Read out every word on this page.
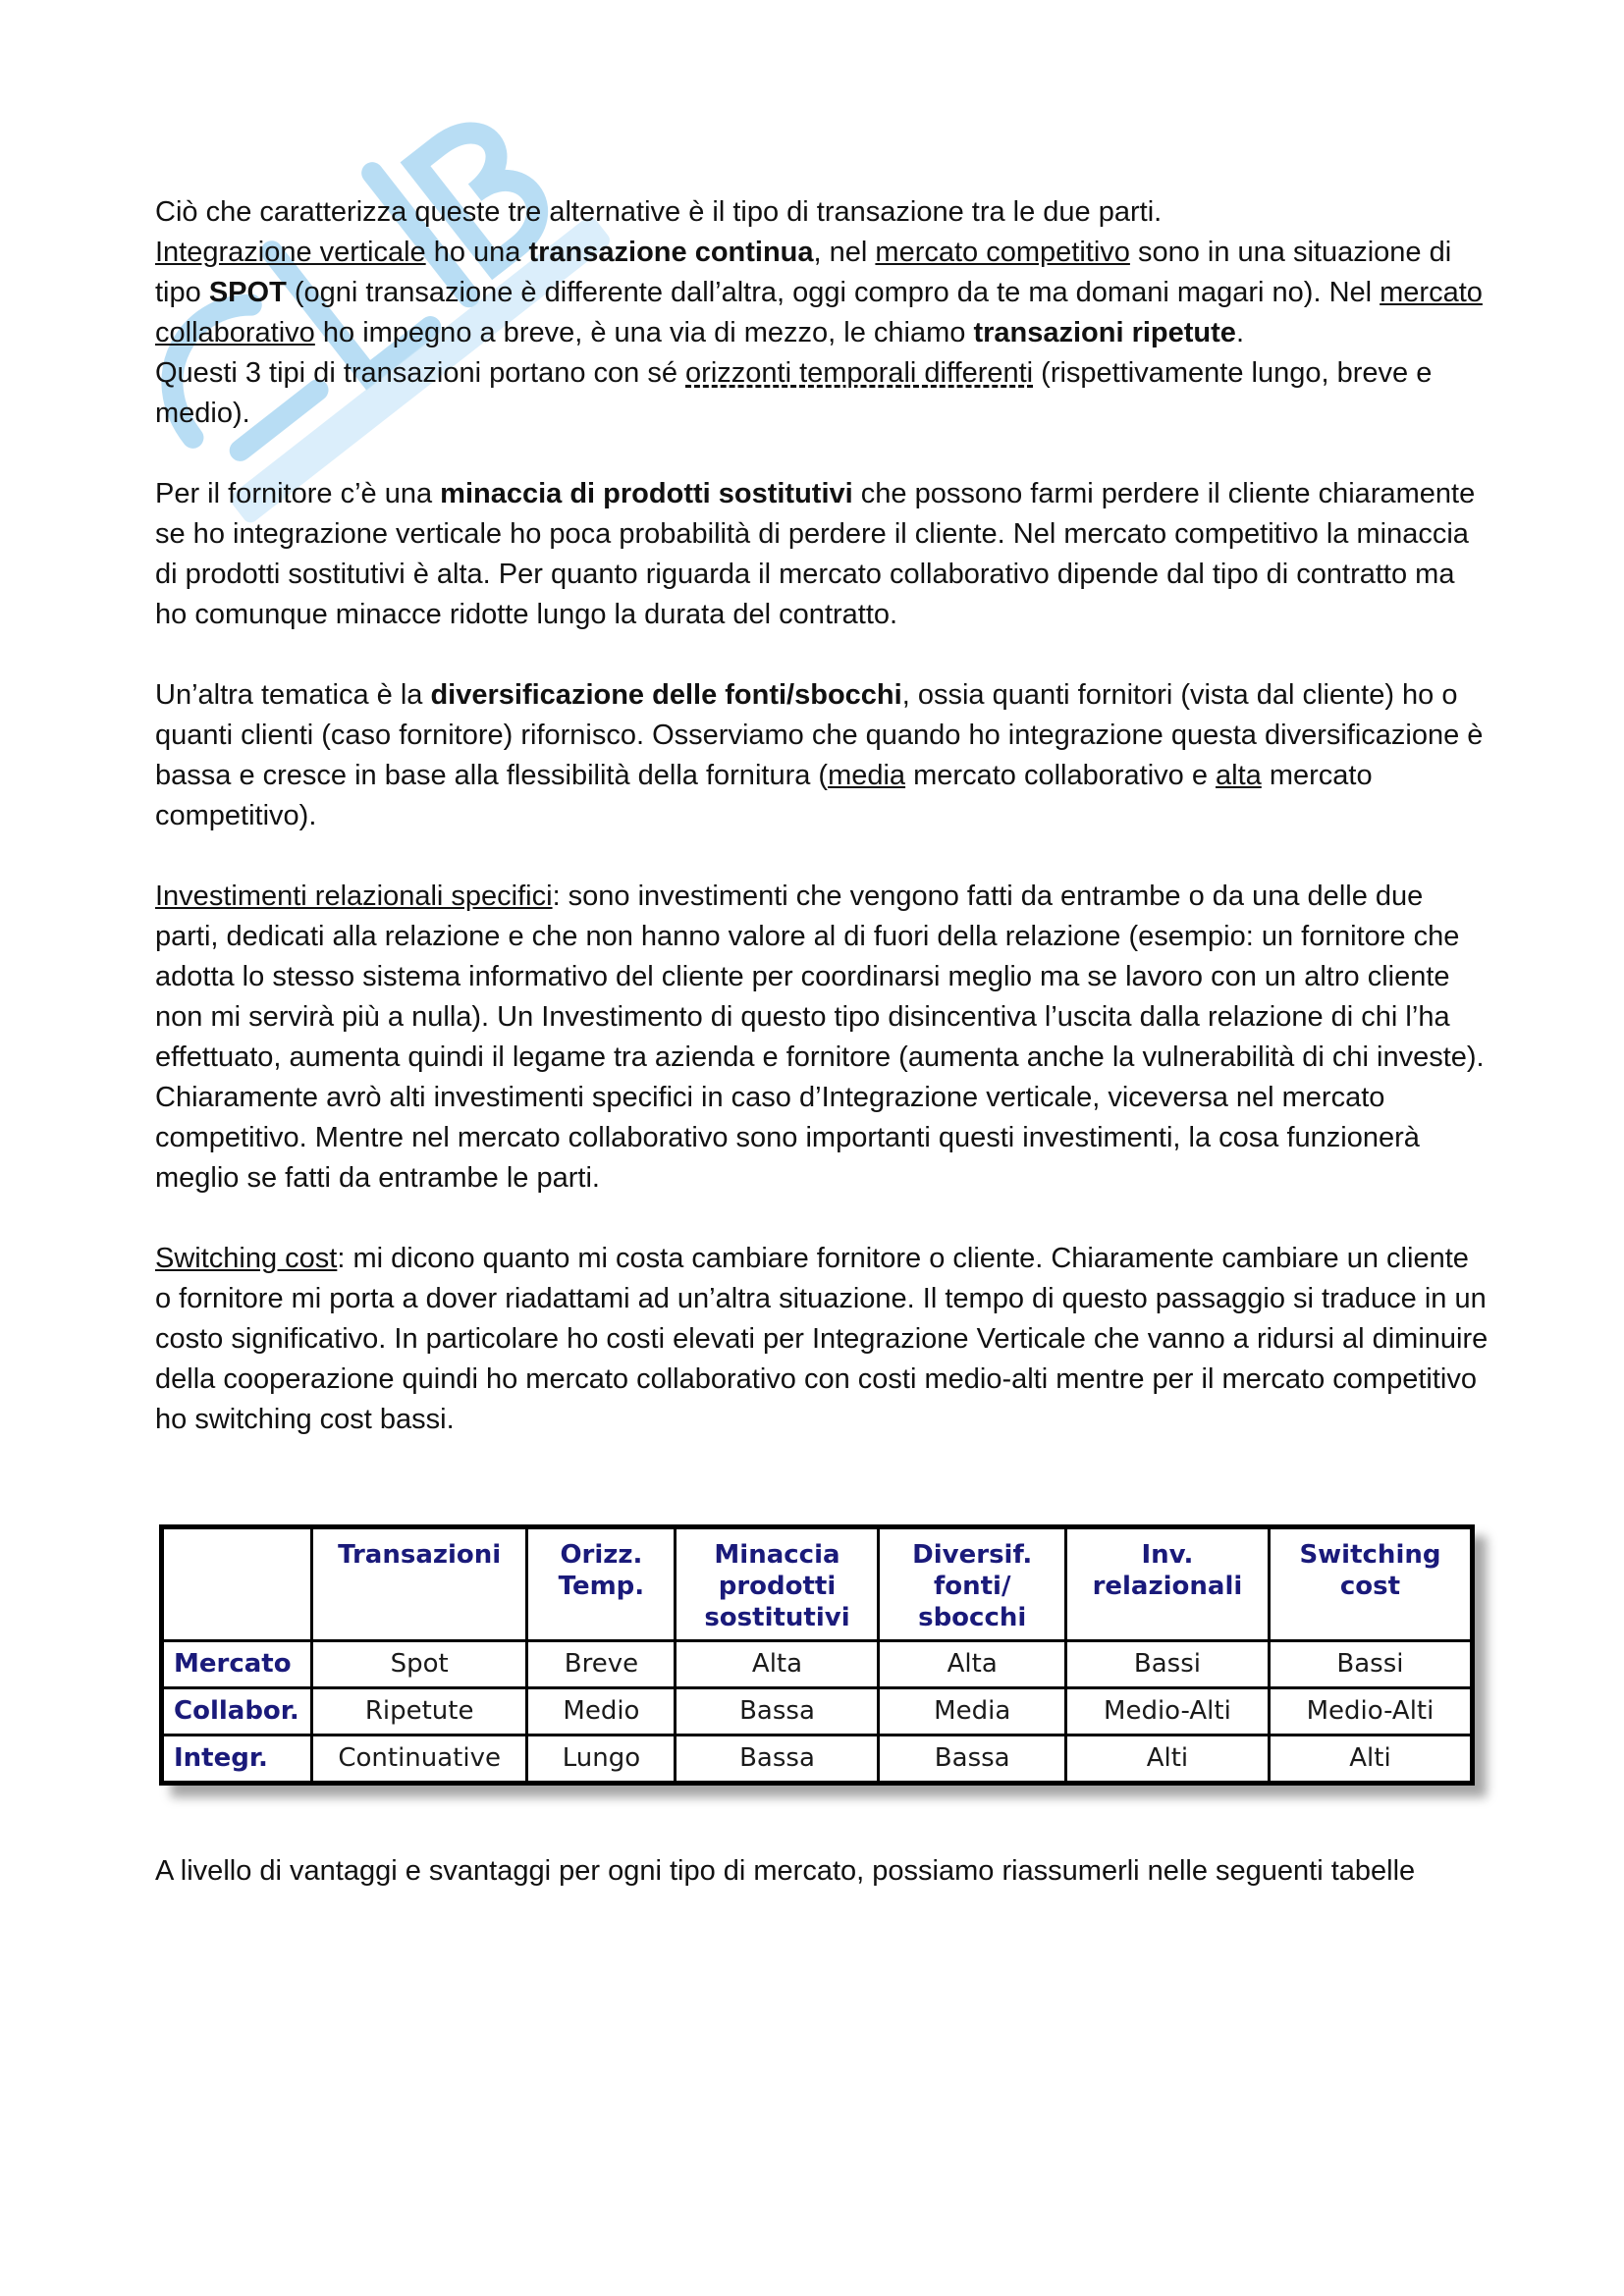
Ciò che caratterizza queste tre alternative è il tipo di transazione tra le due parti.
Integrazione verticale ho una transazione continua, nel mercato competitivo sono in una situazione di tipo SPOT (ogni transazione è differente dall’altra, oggi compro da te ma domani magari no). Nel mercato collaborativo ho impegno a breve, è una via di mezzo, le chiamo transazioni ripetute.
Questi 3 tipi di transazioni portano con sé orizzonti temporali differenti (rispettivamente lungo, breve e medio).

Per il fornitore c’è una minaccia di prodotti sostitutivi che possono farmi perdere il cliente chiaramente se ho integrazione verticale ho poca probabilità di perdere il cliente. Nel mercato competitivo la minaccia di prodotti sostitutivi è alta. Per quanto riguarda il mercato collaborativo dipende dal tipo di contratto ma ho comunque minacce ridotte lungo la durata del contratto.

Un’altra tematica è la diversificazione delle fonti/sbocchi, ossia quanti fornitori (vista dal cliente) ho o quanti clienti (caso fornitore) rifornisco. Osserviamo che quando ho integrazione questa diversificazione è bassa e cresce in base alla flessibilità della fornitura (media mercato collaborativo e alta mercato competitivo).

Investimenti relazionali specifici: sono investimenti che vengono fatti da entrambe o da una delle due parti, dedicati alla relazione e che non hanno valore al di fuori della relazione (esempio: un fornitore che adotta lo stesso sistema informativo del cliente per coordinarsi meglio ma se lavoro con un altro cliente non mi servirà più a nulla). Un Investimento di questo tipo disincentiva l’uscita dalla relazione di chi l’ha effettuato, aumenta quindi il legame tra azienda e fornitore (aumenta anche la vulnerabilità di chi investe). Chiaramente avrò alti investimenti specifici in caso d’Integrazione verticale, viceversa nel mercato competitivo. Mentre nel mercato collaborativo sono importanti questi investimenti, la cosa funzionerà meglio se fatti da entrambe le parti.

Switching cost: mi dicono quanto mi costa cambiare fornitore o cliente. Chiaramente cambiare un cliente o fornitore mi porta a dover riadattami ad un’altra situazione. Il tempo di questo passaggio si traduce in un costo significativo. In particolare ho costi elevati per Integrazione Verticale che vanno a ridursi al diminuire della cooperazione quindi ho mercato collaborativo con costi medio-alti mentre per il mercato competitivo ho switching cost bassi.

	Transazioni	Orizz. Temp.	Minaccia prodotti sostitutivi	Diversif. fonti/ sbocchi	Inv. relazionali	Switching cost
Mercato	Spot	Breve	Alta	Alta	Bassi	Bassi
Collabor.	Ripetute	Medio	Bassa	Media	Medio-Alti	Medio-Alti
Integr.	Continuative	Lungo	Bassa	Bassa	Alti	Alti
A livello di vantaggi e svantaggi per ogni tipo di mercato, possiamo riassumerli nelle seguenti tabelle
